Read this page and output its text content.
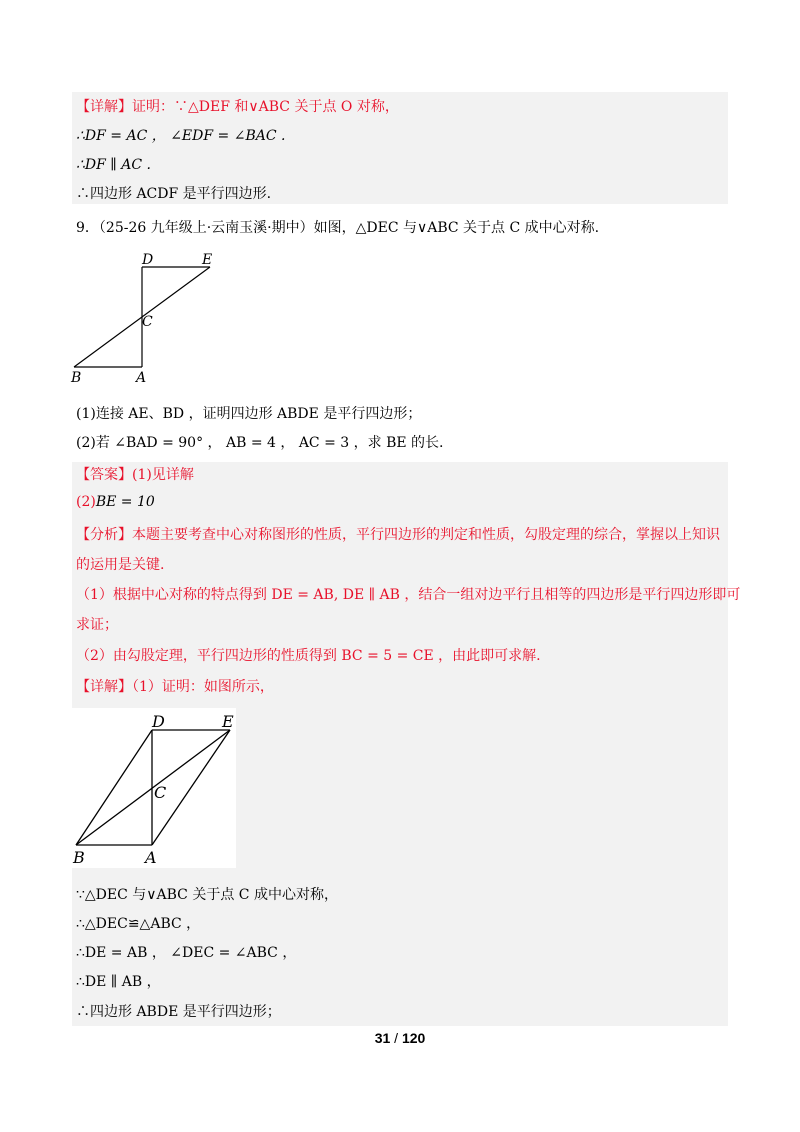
【详解】证明：∵△DEF 和∨ABC 关于点 O 对称，
∴DF = AC ， ∠EDF = ∠BAC .
∴DF ∥ AC .
∴四边形 ACDF 是平行四边形.
9．（25-26 九年级上·云南玉溪·期中）如图，△DEC 与∨ABC 关于点 C 成中心对称.
D	E
C
B	A
(1)连接 AE、BD ，证明四边形 ABDE 是平行四边形；
(2)若 ∠BAD = 90° ， AB = 4 ， AC = 3 ，求 BE 的长.
【答案】(1)见详解
(2)BE = 10
【分析】本题主要考查中心对称图形的性质，平行四边形的判定和性质，勾股定理的综合，掌握以上知识
的运用是关键.
（1）根据中心对称的特点得到 DE = AB, DE ∥ AB ，结合一组对边平行且相等的四边形是平行四边形即可
求证；
（2）由勾股定理，平行四边形的性质得到 BC = 5 = CE ，由此即可求解.
【详解】（1）证明：如图所示，
D	E
C
B	A
∵△DEC 与∨ABC 关于点 C 成中心对称，
∴△DEC≌△ABC ，
∴DE = AB ， ∠DEC = ∠ABC ，
∴DE ∥ AB ，
∴四边形 ABDE 是平行四边形；
31 / 120
